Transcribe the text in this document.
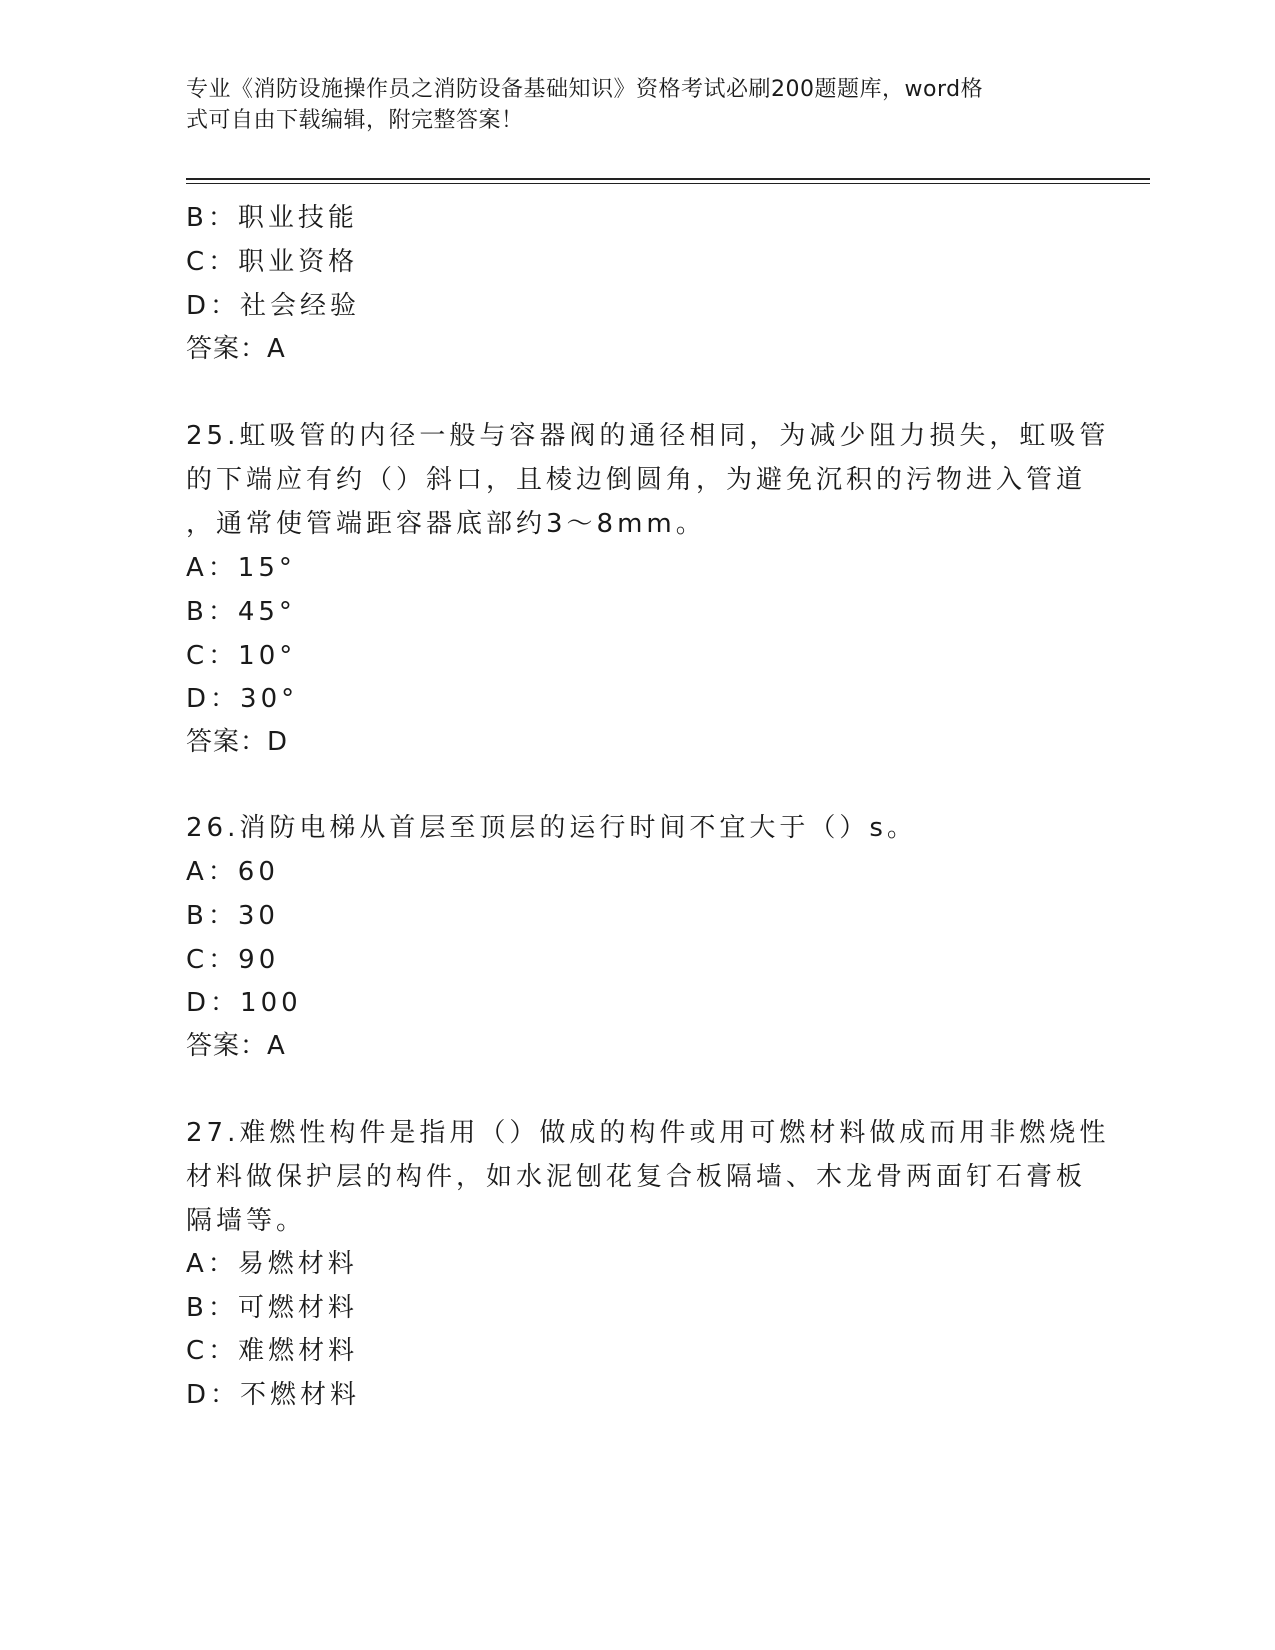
专业《消防设施操作员之消防设备基础知识》资格考试必刷200题题库，word格
式可自由下载编辑，附完整答案！
B：职业技能
C：职业资格
D：社会经验
答案：A
25.虹吸管的内径一般与容器阀的通径相同，为减少阻力损失，虹吸管
的下端应有约（）斜口，且棱边倒圆角，为避免沉积的污物进入管道
，通常使管端距容器底部约3～8mm。
A：15°
B：45°
C：10°
D：30°
答案：D
26.消防电梯从首层至顶层的运行时间不宜大于（）s。
A：60
B：30
C：90
D：100
答案：A
27.难燃性构件是指用（）做成的构件或用可燃材料做成而用非燃烧性
材料做保护层的构件，如水泥刨花复合板隔墙、木龙骨两面钉石膏板
隔墙等。
A：易燃材料
B：可燃材料
C：难燃材料
D：不燃材料
